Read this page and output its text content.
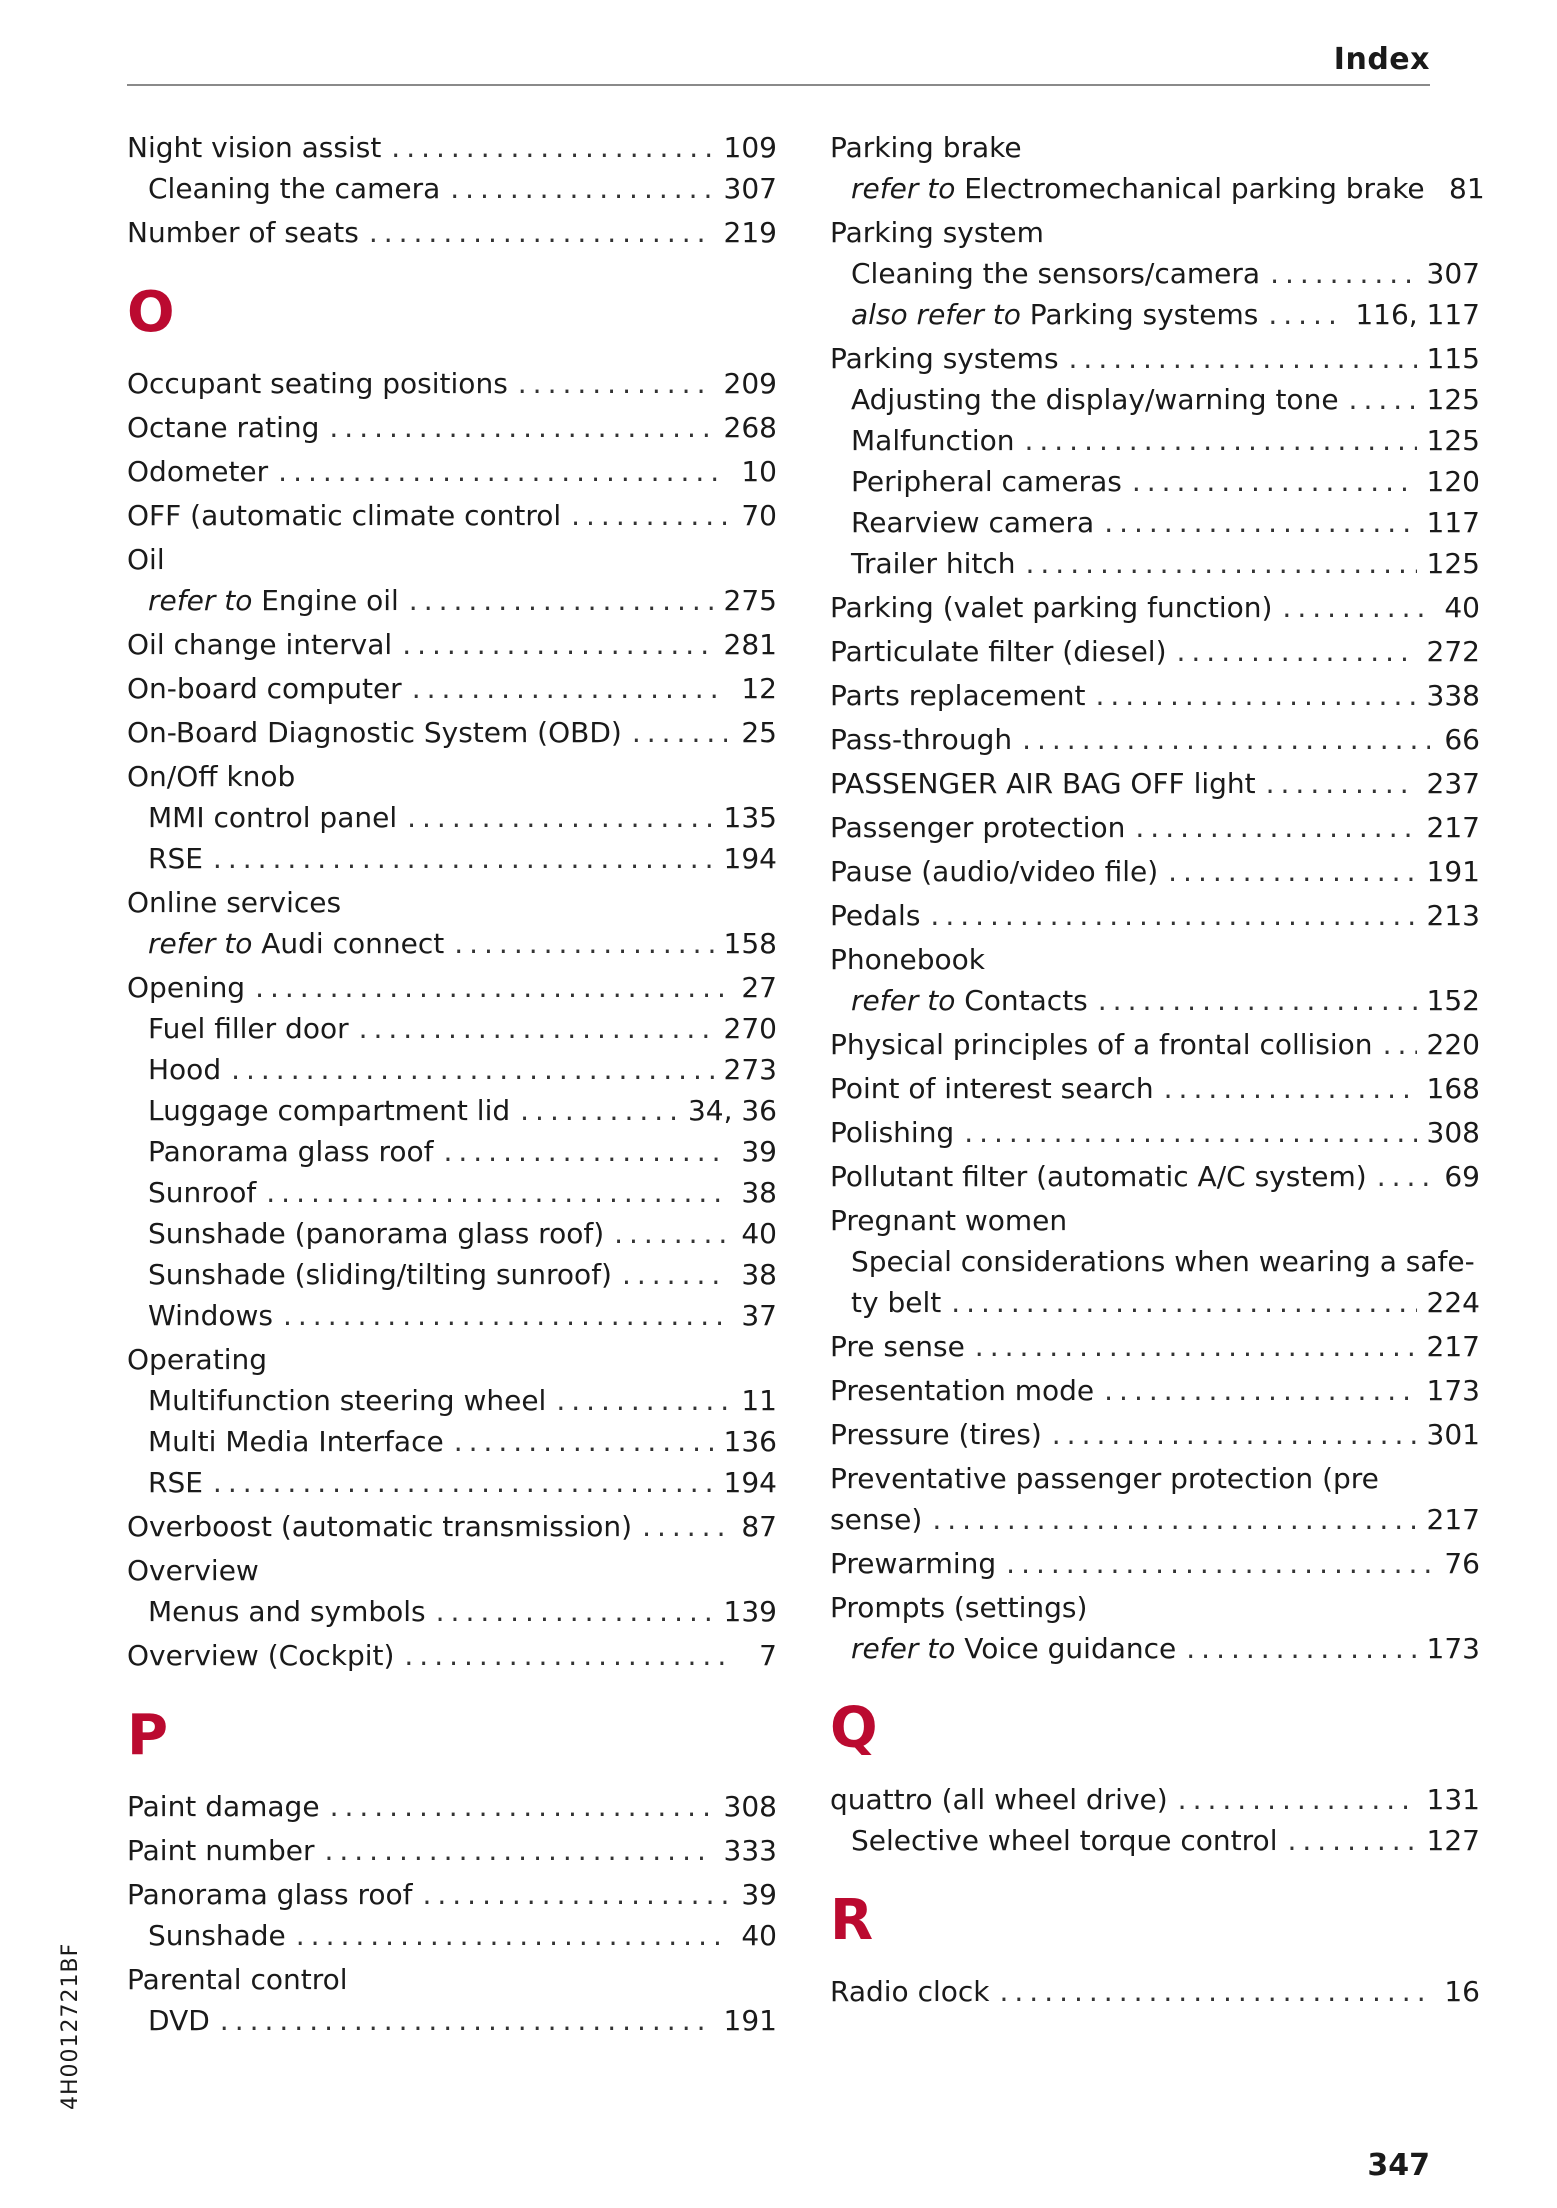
Index
Night vision assist .....	109
Cleaning the camera .....	307
Number of seats .....	219
O
Occupant seating positions .....	209
Octane rating .....	268
Odometer .....	10
OFF (automatic climate control .....	70
Oil
refer to Engine oil .....	275
Oil change interval .....	281
On-board computer .....	12
On-Board Diagnostic System (OBD) .....	25
On/Off knob
MMI control panel .....	135
RSE .....	194
Online services
refer to Audi connect .....	158
Opening .....	27
Fuel filler door .....	270
Hood .....	273
Luggage compartment lid .....	34, 36
Panorama glass roof .....	39
Sunroof .....	38
Sunshade (panorama glass roof) .....	40
Sunshade (sliding/tilting sunroof) .....	38
Windows .....	37
Operating
Multifunction steering wheel .....	11
Multi Media Interface .....	136
RSE .....	194
Overboost (automatic transmission) .....	87
Overview
Menus and symbols .....	139
Overview (Cockpit) .....	7
P
Paint damage .....	308
Paint number .....	333
Panorama glass roof .....	39
Sunshade .....	40
Parental control
DVD .....	191
Parking brake
refer to Electromechanical parking brake 81
Parking system
Cleaning the sensors/camera .....	307
also refer to Parking systems .....	116, 117
Parking systems .....	115
Adjusting the display/warning tone .....	125
Malfunction .....	125
Peripheral cameras .....	120
Rearview camera .....	117
Trailer hitch .....	125
Parking (valet parking function) .....	40
Particulate filter (diesel) .....	272
Parts replacement .....	338
Pass-through .....	66
PASSENGER AIR BAG OFF light .....	237
Passenger protection .....	217
Pause (audio/video file) .....	191
Pedals .....	213
Phonebook
refer to Contacts .....	152
Physical principles of a frontal collision ..... 220
Point of interest search .....	168
Polishing .....	308
Pollutant filter (automatic A/C system) .....	69
Pregnant women
Special considerations when wearing a safe-
ty belt .....	224
Pre sense .....	217
Presentation mode .....	173
Pressure (tires) .....	301
Preventative passenger protection (pre
sense) .....	217
Prewarming .....	76
Prompts (settings)
refer to Voice guidance .....	173
Q
quattro (all wheel drive) .....	131
Selective wheel torque control .....	127
R
Radio clock .....	16
4H0012721BF
347
